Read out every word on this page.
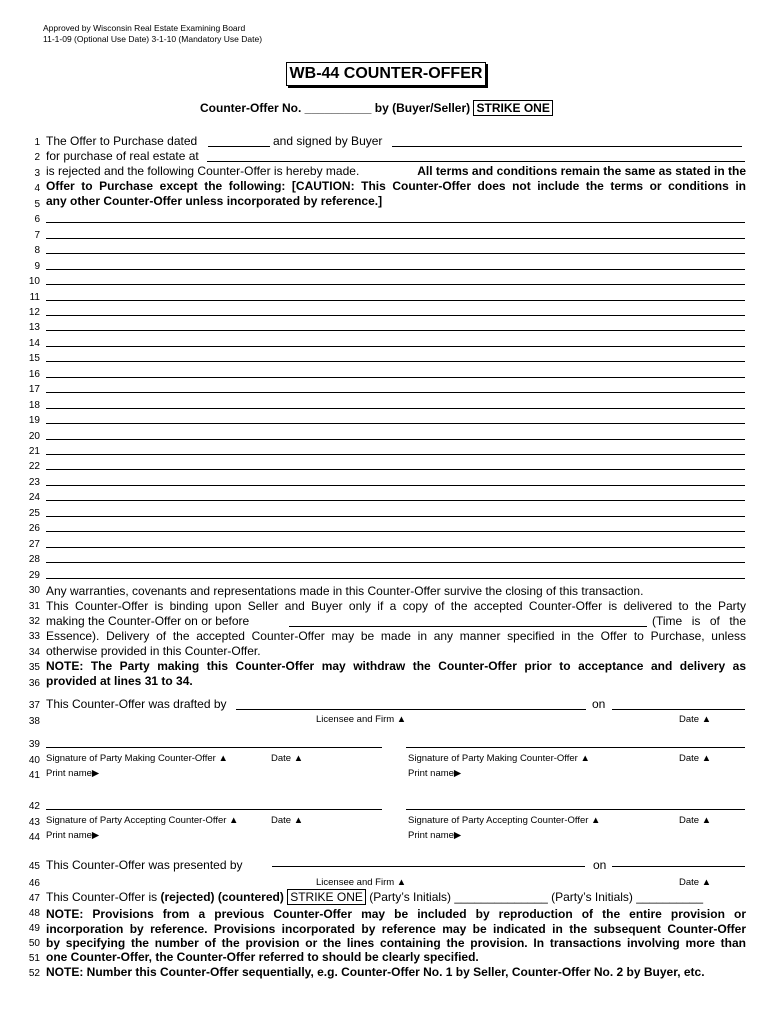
Approved by Wisconsin Real Estate Examining Board
11-1-09 (Optional Use Date) 3-1-10 (Mandatory Use Date)
WB-44 COUNTER-OFFER
Counter-Offer No. __________ by (Buyer/Seller) STRIKE ONE
1
2
3
4
5
6
7
8
9
10
11
12
13
14
15
16
17
18
19
20
21
22
23
24
25
26
27
28
29
30
31
32
33
34
35
36
37
38
39
40
41
42
43
44
45
46
47
48
49
50
51
52
The Offer to Purchase dated	and signed by Buyer
for purchase of real estate at
is rejected and the following Counter-Offer is hereby made.	All terms and conditions remain the same as stated in the
Offer to Purchase except the following: [CAUTION: This Counter-Offer does not include the terms or conditions in
any other Counter-Offer unless incorporated by reference.]
Any warranties, covenants and representations made in this Counter-Offer survive the closing of this transaction.
This Counter-Offer is binding upon Seller and Buyer only if a copy of the accepted Counter-Offer is delivered to the Party
making the Counter-Offer on or before	(Time is of the
Essence). Delivery of the accepted Counter-Offer may be made in any manner specified in the Offer to Purchase, unless
otherwise provided in this Counter-Offer.
NOTE: The Party making this Counter-Offer may withdraw the Counter-Offer prior to acceptance and delivery as
provided at lines 31 to 34.
This Counter-Offer was drafted by	on
Licensee and Firm ▲	Date ▲
Signature of Party Making Counter-Offer ▲	Date ▲	Signature of Party Making Counter-Offer ▲	Date ▲
Print name▶	Print name▶
Signature of Party Accepting Counter-Offer ▲	Date ▲	Signature of Party Accepting Counter-Offer ▲	Date ▲
Print name▶	Print name▶
This Counter-Offer was presented by	on
Licensee and Firm ▲	Date ▲
This Counter-Offer is (rejected) (countered) STRIKE ONE (Party’s Initials) ______________ (Party’s Initials) __________
NOTE: Provisions from a previous Counter-Offer may be included by reproduction of the entire provision or
incorporation by reference. Provisions incorporated by reference may be indicated in the subsequent Counter-Offer
by specifying the number of the provision or the lines containing the provision. In transactions involving more than
one Counter-Offer, the Counter-Offer referred to should be clearly specified.
NOTE: Number this Counter-Offer sequentially, e.g. Counter-Offer No. 1 by Seller, Counter-Offer No. 2 by Buyer, etc.
